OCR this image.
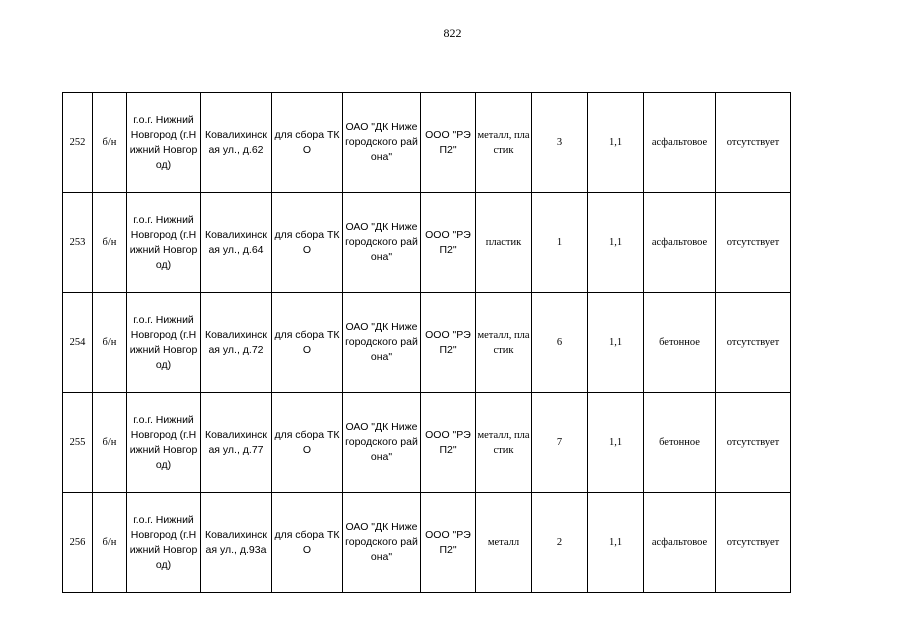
822
252	б/н	г.о.г. Нижний Новгород (г.Нижний Новгород)	Ковалихинская ул., д.62	для сбора ТКО	ОАО "ДК Нижегородского района"	ООО "РЭП2"	металл, пластик	3	1,1	асфальтовое	отсутствует
253	б/н	г.о.г. Нижний Новгород (г.Нижний Новгород)	Ковалихинская ул., д.64	для сбора ТКО	ОАО "ДК Нижегородского района"	ООО "РЭП2"	пластик	1	1,1	асфальтовое	отсутствует
254	б/н	г.о.г. Нижний Новгород (г.Нижний Новгород)	Ковалихинская ул., д.72	для сбора ТКО	ОАО "ДК Нижегородского района"	ООО "РЭП2"	металл, пластик	6	1,1	бетонное	отсутствует
255	б/н	г.о.г. Нижний Новгород (г.Нижний Новгород)	Ковалихинская ул., д.77	для сбора ТКО	ОАО "ДК Нижегородского района"	ООО "РЭП2"	металл, пластик	7	1,1	бетонное	отсутствует
256	б/н	г.о.г. Нижний Новгород (г.Нижний Новгород)	Ковалихинская ул., д.93а	для сбора ТКО	ОАО "ДК Нижегородского района"	ООО "РЭП2"	металл	2	1,1	асфальтовое	отсутствует
